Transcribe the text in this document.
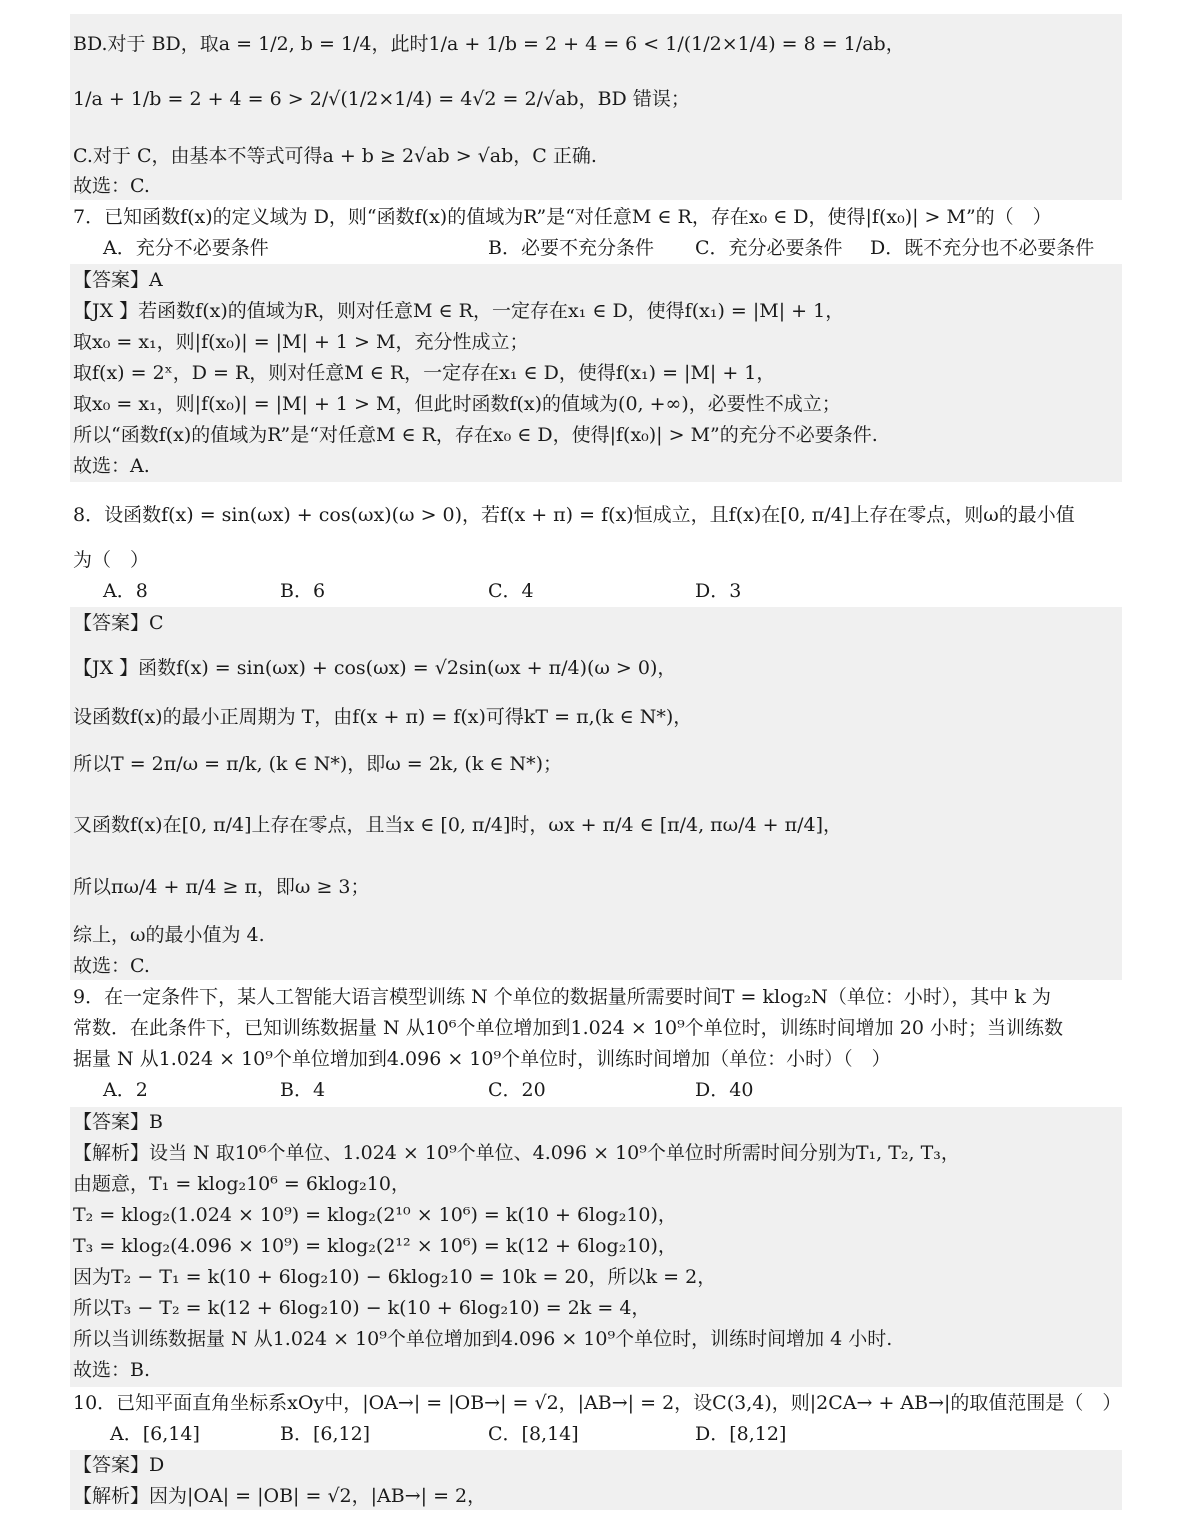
BD.对于 BD，取a = 1/2, b = 1/4，此时1/a + 1/b = 2 + 4 = 6 < 1/(1/2×1/4) = 8 = 1/ab，
1/a + 1/b = 2 + 4 = 6 > 2/√(1/2×1/4) = 4√2 = 2/√ab，BD 错误；
C.对于 C，由基本不等式可得a + b ≥ 2√ab > √ab，C 正确.
故选：C.
7．已知函数f(x)的定义域为 D，则“函数f(x)的值域为R”是“对任意M ∈ R，存在x₀ ∈ D，使得|f(x₀)| > M”的（　）
A．充分不必要条件	B．必要不充分条件 C．充分必要条件 D．既不充分也不必要条件
【答案】A
【JX 】若函数f(x)的值域为R，则对任意M ∈ R，一定存在x₁ ∈ D，使得f(x₁) = |M| + 1，
取x₀ = x₁，则|f(x₀)| = |M| + 1 > M，充分性成立；
取f(x) = 2ˣ，D = R，则对任意M ∈ R，一定存在x₁ ∈ D，使得f(x₁) = |M| + 1，
取x₀ = x₁，则|f(x₀)| = |M| + 1 > M，但此时函数f(x)的值域为(0, +∞)，必要性不成立；
所以“函数f(x)的值域为R”是“对任意M ∈ R，存在x₀ ∈ D，使得|f(x₀)| > M”的充分不必要条件.
故选：A.
8．设函数f(x) = sin(ωx) + cos(ωx)(ω > 0)，若f(x + π) = f(x)恒成立，且f(x)在[0, π/4]上存在零点，则ω的最小值
为（　）
A．8	B．6	C．4	D．3
【答案】C
【JX 】函数f(x) = sin(ωx) + cos(ωx) = √2sin(ωx + π/4)(ω > 0)，
设函数f(x)的最小正周期为 T，由f(x + π) = f(x)可得kT = π,(k ∈ N*)，
所以T = 2π/ω = π/k, (k ∈ N*)，即ω = 2k, (k ∈ N*)；
又函数f(x)在[0, π/4]上存在零点，且当x ∈ [0, π/4]时，ωx + π/4 ∈ [π/4, πω/4 + π/4]，
所以πω/4 + π/4 ≥ π，即ω ≥ 3；
综上，ω的最小值为 4.
故选：C.
9．在一定条件下，某人工智能大语言模型训练 N 个单位的数据量所需要时间T = klog₂N（单位：小时），其中 k 为
常数．在此条件下，已知训练数据量 N 从10⁶个单位增加到1.024 × 10⁹个单位时，训练时间增加 20 小时；当训练数
据量 N 从1.024 × 10⁹个单位增加到4.096 × 10⁹个单位时，训练时间增加（单位：小时）（　）
A．2	B．4	C．20	D．40
【答案】B
【解析】设当 N 取10⁶个单位、1.024 × 10⁹个单位、4.096 × 10⁹个单位时所需时间分别为T₁, T₂, T₃，
由题意，T₁ = klog₂10⁶ = 6klog₂10，
T₂ = klog₂(1.024 × 10⁹) = klog₂(2¹⁰ × 10⁶) = k(10 + 6log₂10)，
T₃ = klog₂(4.096 × 10⁹) = klog₂(2¹² × 10⁶) = k(12 + 6log₂10)，
因为T₂ − T₁ = k(10 + 6log₂10) − 6klog₂10 = 10k = 20，所以k = 2，
所以T₃ − T₂ = k(12 + 6log₂10) − k(10 + 6log₂10) = 2k = 4，
所以当训练数据量 N 从1.024 × 10⁹个单位增加到4.096 × 10⁹个单位时，训练时间增加 4 小时.
故选：B.
10．已知平面直角坐标系xOy中，|OA→| = |OB→| = √2，|AB→| = 2，设C(3,4)，则|2CA→ + AB→|的取值范围是（　）
A．[6,14]	B．[6,12]	C．[8,14]	D．[8,12]
【答案】D
【解析】因为|OA| = |OB| = √2，|AB→| = 2，
